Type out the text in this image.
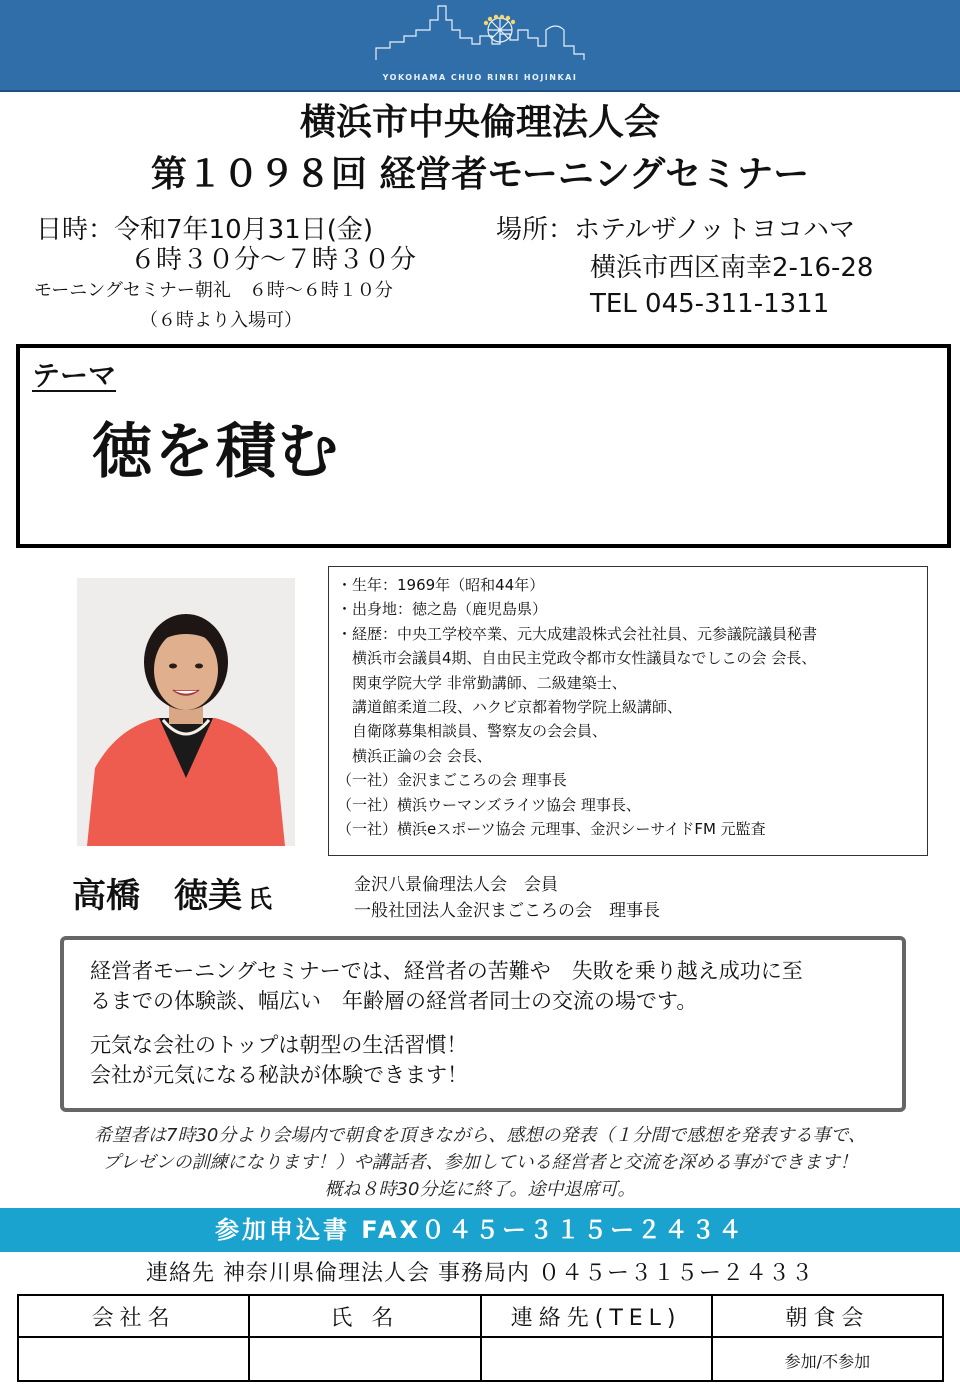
YOKOHAMA CHUO RINRI HOJINKAI
横浜市中央倫理法人会
第１０９８回 経営者モーニングセミナー
日時：令和7年10月31日(金)
６時３０分～７時３０分
モーニングセミナー朝礼　６時～６時１０分
（６時より入場可）
場所：ホテルザノットヨコハマ
横浜市西区南幸2-16-28
TEL 045-311-1311
テーマ
徳を積む
・生年：1969年（昭和44年）
・出身地：徳之島（鹿児島県）
・経歴：中央工学校卒業、元大成建設株式会社社員、元参議院議員秘書
　横浜市会議員4期、自由民主党政令都市女性議員なでしこの会 会長、
　関東学院大学 非常勤講師、二級建築士、
　講道館柔道二段、ハクビ京都着物学院上級講師、
　自衛隊募集相談員、警察友の会会員、
　横浜正論の会 会長、
（一社）金沢まごころの会 理事長
（一社）横浜ウーマンズライツ協会 理事長、
（一社）横浜eスポーツ協会 元理事、金沢シーサイドFM 元監査
高橋　徳美 氏	金沢八景倫理法人会　会員
一般社団法人金沢まごころの会　理事長
経営者モーニングセミナーでは、経営者の苦難や　失敗を乗り越え成功に至
るまでの体験談、幅広い　年齢層の経営者同士の交流の場です。
元気な会社のトップは朝型の生活習慣！
会社が元気になる秘訣が体験できます！
希望者は7時30分より会場内で朝食を頂きながら、感想の発表（１分間で感想を発表する事で、
プレゼンの訓練になります！）や講話者、参加している経営者と交流を深める事ができます！
概ね８時30分迄に終了。途中退席可。
参加申込書 FAX０４５ー３１５ー２４３４
連絡先 神奈川県倫理法人会 事務局内 ０４５ー３１５ー２４３３
会社名	氏 名	連絡先(TEL)	朝食会
			参加/不参加
